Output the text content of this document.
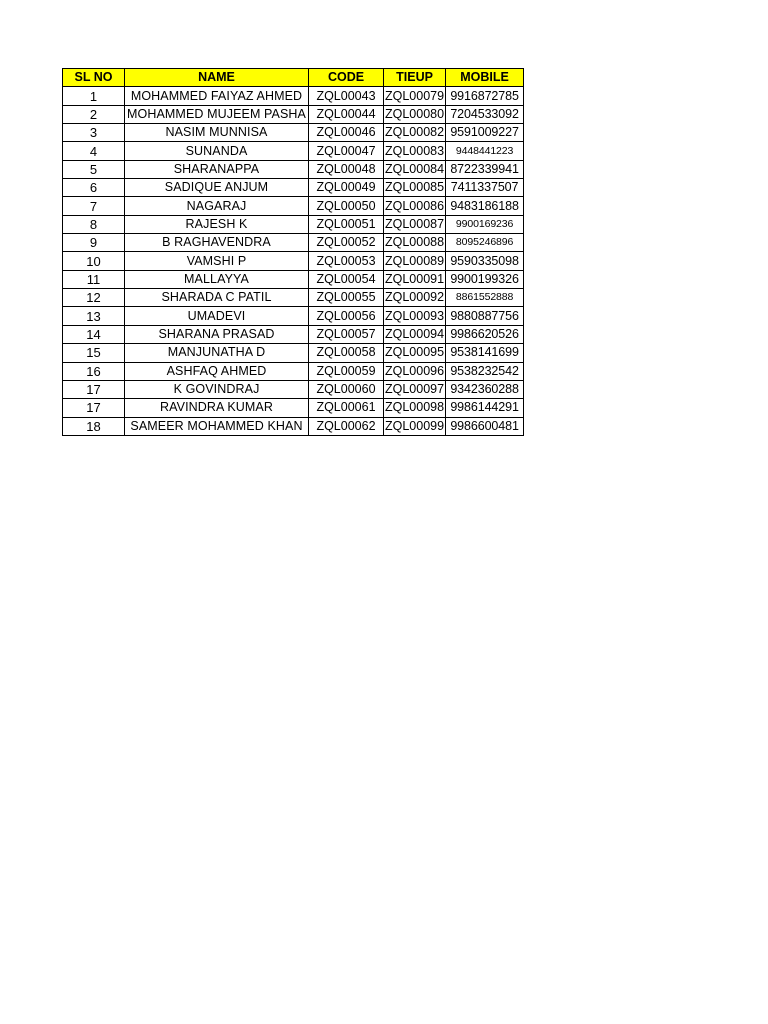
SL NO	NAME	CODE	TIEUP	MOBILE
1	MOHAMMED FAIYAZ AHMED	ZQL00043	ZQL00079	9916872785
2	MOHAMMED MUJEEM PASHA	ZQL00044	ZQL00080	7204533092
3	NASIM MUNNISA	ZQL00046	ZQL00082	9591009227
4	SUNANDA	ZQL00047	ZQL00083	9448441223
5	SHARANAPPA	ZQL00048	ZQL00084	8722339941
6	SADIQUE ANJUM	ZQL00049	ZQL00085	7411337507
7	NAGARAJ	ZQL00050	ZQL00086	9483186188
8	RAJESH K	ZQL00051	ZQL00087	9900169236
9	B RAGHAVENDRA	ZQL00052	ZQL00088	8095246896
10	VAMSHI P	ZQL00053	ZQL00089	9590335098
11	MALLAYYA	ZQL00054	ZQL00091	9900199326
12	SHARADA C PATIL	ZQL00055	ZQL00092	8861552888
13	UMADEVI	ZQL00056	ZQL00093	9880887756
14	SHARANA PRASAD	ZQL00057	ZQL00094	9986620526
15	MANJUNATHA D	ZQL00058	ZQL00095	9538141699
16	ASHFAQ AHMED	ZQL00059	ZQL00096	9538232542
17	K GOVINDRAJ	ZQL00060	ZQL00097	9342360288
17	RAVINDRA KUMAR	ZQL00061	ZQL00098	9986144291
18	SAMEER MOHAMMED KHAN	ZQL00062	ZQL00099	9986600481
